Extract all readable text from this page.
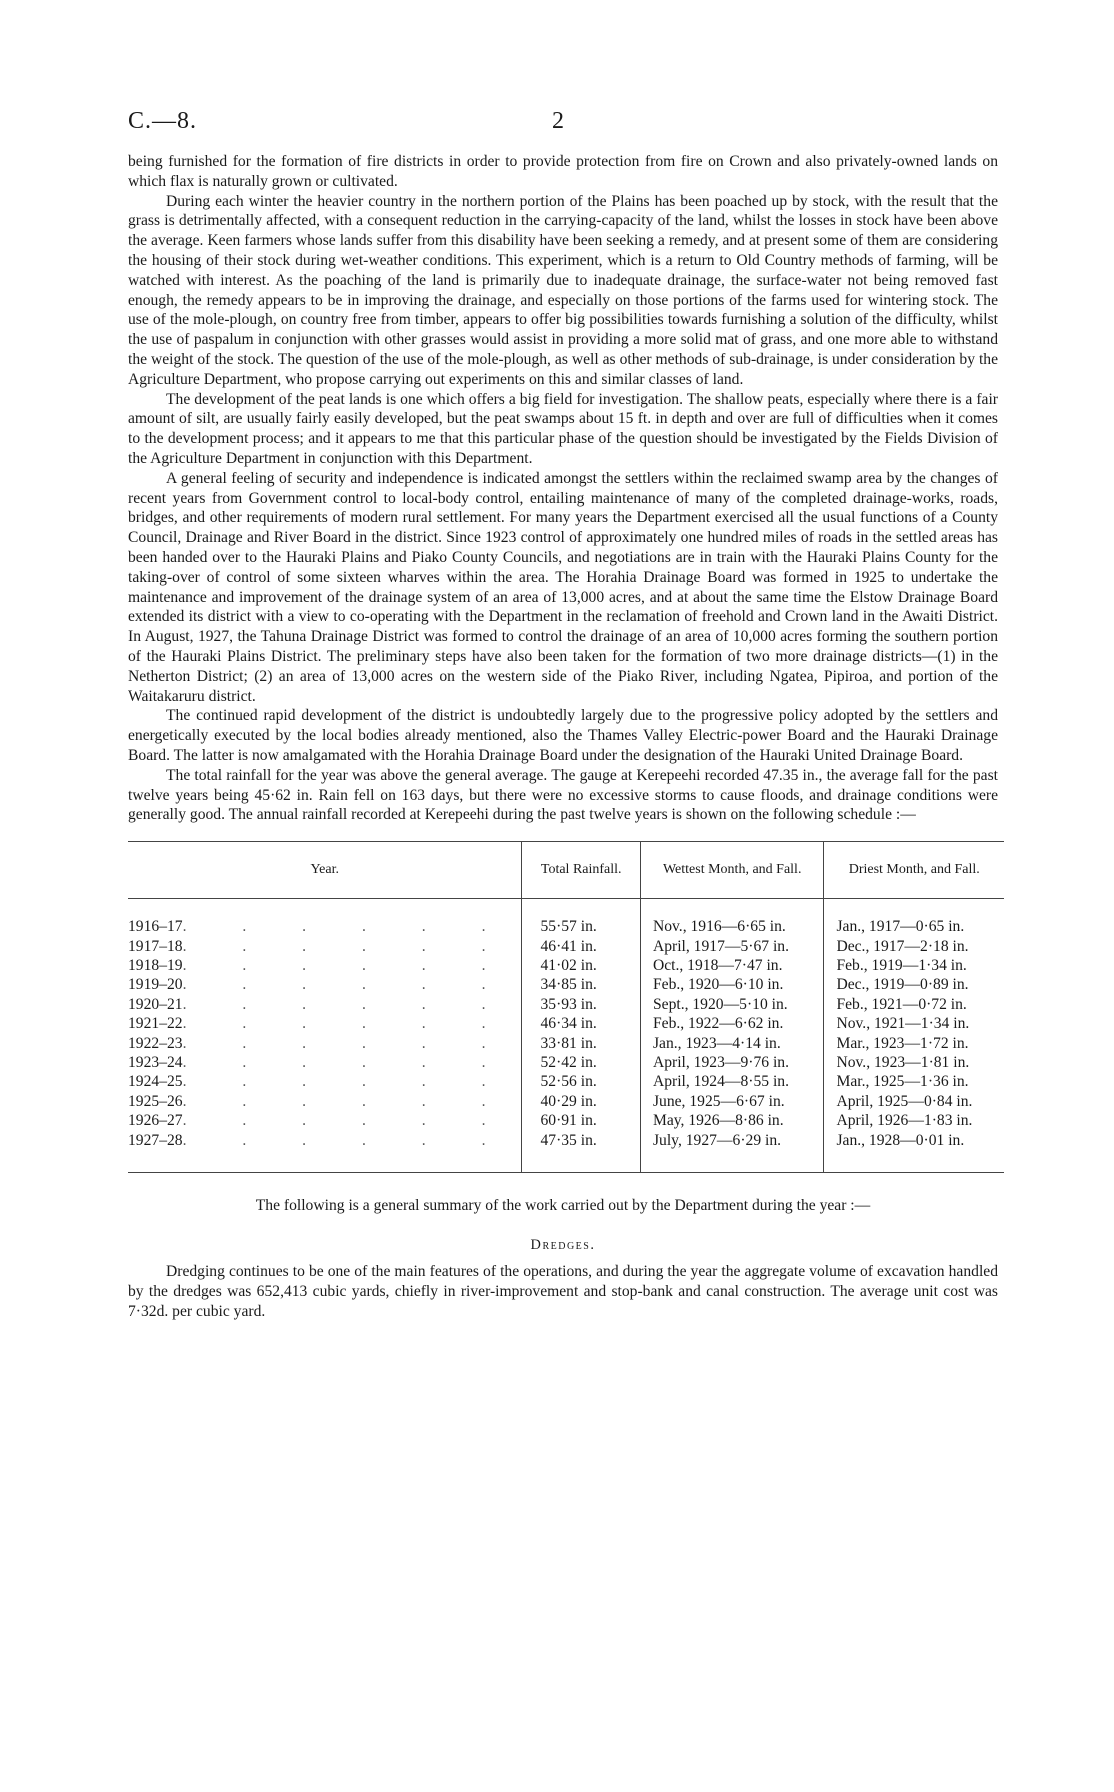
C.—8.	2

being furnished for the formation of fire districts in order to provide protection from fire on Crown and also privately-owned lands on which flax is naturally grown or cultivated.

During each winter the heavier country in the northern portion of the Plains has been poached up by stock, with the result that the grass is detrimentally affected, with a consequent reduction in the carrying-capacity of the land, whilst the losses in stock have been above the average. Keen farmers whose lands suffer from this disability have been seeking a remedy, and at present some of them are considering the housing of their stock during wet-weather conditions. This experiment, which is a return to Old Country methods of farming, will be watched with interest. As the poaching of the land is primarily due to inadequate drainage, the surface-water not being removed fast enough, the remedy appears to be in improving the drainage, and especially on those portions of the farms used for wintering stock. The use of the mole-plough, on country free from timber, appears to offer big possibilities towards furnishing a solution of the difficulty, whilst the use of paspalum in conjunction with other grasses would assist in providing a more solid mat of grass, and one more able to withstand the weight of the stock. The question of the use of the mole-plough, as well as other methods of sub-drainage, is under consideration by the Agriculture Department, who propose carrying out experiments on this and similar classes of land.

The development of the peat lands is one which offers a big field for investigation. The shallow peats, especially where there is a fair amount of silt, are usually fairly easily developed, but the peat swamps about 15 ft. in depth and over are full of difficulties when it comes to the development process; and it appears to me that this particular phase of the question should be investigated by the Fields Division of the Agriculture Department in conjunction with this Department.

A general feeling of security and independence is indicated amongst the settlers within the reclaimed swamp area by the changes of recent years from Government control to local-body control, entailing maintenance of many of the completed drainage-works, roads, bridges, and other requirements of modern rural settlement. For many years the Department exercised all the usual functions of a County Council, Drainage and River Board in the district. Since 1923 control of approximately one hundred miles of roads in the settled areas has been handed over to the Hauraki Plains and Piako County Councils, and negotiations are in train with the Hauraki Plains County for the taking-over of control of some sixteen wharves within the area. The Horahia Drainage Board was formed in 1925 to undertake the maintenance and improvement of the drainage system of an area of 13,000 acres, and at about the same time the Elstow Drainage Board extended its district with a view to co-operating with the Department in the reclamation of freehold and Crown land in the Awaiti District. In August, 1927, the Tahuna Drainage District was formed to control the drainage of an area of 10,000 acres forming the southern portion of the Hauraki Plains District. The preliminary steps have also been taken for the formation of two more drainage districts—(1) in the Netherton District; (2) an area of 13,000 acres on the western side of the Piako River, including Ngatea, Pipiroa, and portion of the Waitakaruru district.

The continued rapid development of the district is undoubtedly largely due to the progressive policy adopted by the settlers and energetically executed by the local bodies already mentioned, also the Thames Valley Electric-power Board and the Hauraki Drainage Board. The latter is now amalgamated with the Horahia Drainage Board under the designation of the Hauraki United Drainage Board.

The total rainfall for the year was above the general average. The gauge at Kerepeehi recorded 47.35 in., the average fall for the past twelve years being 45·62 in. Rain fell on 163 days, but there were no excessive storms to cause floods, and drainage conditions were generally good. The annual rainfall recorded at Kerepeehi during the past twelve years is shown on the following schedule :—

Year.	Total Rainfall.	Wettest Month, and Fall.	Driest Month, and Fall.

1916–17 . . . . . . 55·57 in.	Nov., 1916—6·65 in.	Jan., 1917—0·65 in.

1917–18 . . . . . . 46·41 in.	April, 1917—5·67 in.	Dec., 1917—2·18 in.

1918–19 . . . . . . 41·02 in.	Oct., 1918—7·47 in.	Feb., 1919—1·34 in.

1919–20 . . . . . . 34·85 in.	Feb., 1920—6·10 in.	Dec., 1919—0·89 in.

1920–21 . . . . . . 35·93 in.	Sept., 1920—5·10 in.	Feb., 1921—0·72 in.

1921–22 . . . . . . 46·34 in.	Feb., 1922—6·62 in.	Nov., 1921—1·34 in.

1922–23 . . . . . . 33·81 in.	Jan., 1923—4·14 in.	Mar., 1923—1·72 in.

1923–24 . . . . . . 52·42 in.	April, 1923—9·76 in.	Nov., 1923—1·81 in.

1924–25 . . . . . . 52·56 in.	April, 1924—8·55 in.	Mar., 1925—1·36 in.

1925–26 . . . . . . 40·29 in.	June, 1925—6·67 in.	April, 1925—0·84 in.

1926–27 . . . . . . 60·91 in.	May, 1926—8·86 in.	April, 1926—1·83 in.

1927–28 . . . . . . 47·35 in.	July, 1927—6·29 in.	Jan., 1928—0·01 in.
The following is a general summary of the work carried out by the Department during the year :—
Dredges.

Dredging continues to be one of the main features of the operations, and during the year the aggregate volume of excavation handled by the dredges was 652,413 cubic yards, chiefly in river-improvement and stop-bank and canal construction. The average unit cost was 7·32d. per cubic yard.
